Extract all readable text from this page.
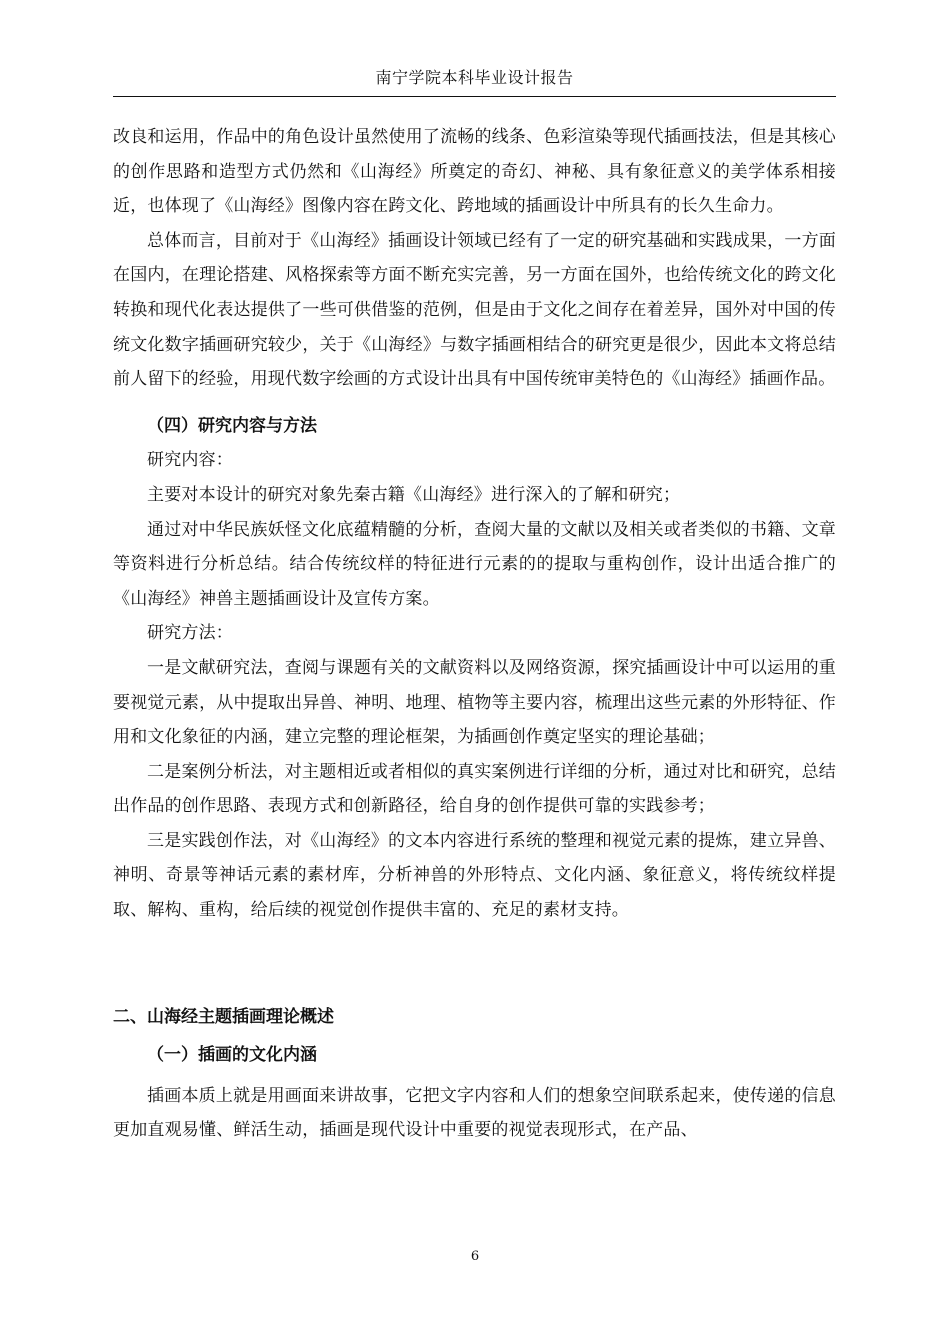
南宁学院本科毕业设计报告

改良和运用，作品中的角色设计虽然使用了流畅的线条、色彩渲染等现代插画技法，但是其核心的创作思路和造型方式仍然和《山海经》所奠定的奇幻、神秘、具有象征意义的美学体系相接近，也体现了《山海经》图像内容在跨文化、跨地域的插画设计中所具有的长久生命力。

总体而言，目前对于《山海经》插画设计领域已经有了一定的研究基础和实践成果，一方面在国内，在理论搭建、风格探索等方面不断充实完善，另一方面在国外，也给传统文化的跨文化转换和现代化表达提供了一些可供借鉴的范例，但是由于文化之间存在着差异，国外对中国的传统文化数字插画研究较少，关于《山海经》与数字插画相结合的研究更是很少，因此本文将总结前人留下的经验，用现代数字绘画的方式设计出具有中国传统审美特色的《山海经》插画作品。

（四）研究内容与方法

研究内容：

主要对本设计的研究对象先秦古籍《山海经》进行深入的了解和研究；

通过对中华民族妖怪文化底蕴精髓的分析，查阅大量的文献以及相关或者类似的书籍、文章等资料进行分析总结。结合传统纹样的特征进行元素的的提取与重构创作，设计出适合推广的《山海经》神兽主题插画设计及宣传方案。

研究方法：

一是文献研究法，查阅与课题有关的文献资料以及网络资源，探究插画设计中可以运用的重要视觉元素，从中提取出异兽、神明、地理、植物等主要内容，梳理出这些元素的外形特征、作用和文化象征的内涵，建立完整的理论框架，为插画创作奠定坚实的理论基础；

二是案例分析法，对主题相近或者相似的真实案例进行详细的分析，通过对比和研究，总结出作品的创作思路、表现方式和创新路径，给自身的创作提供可靠的实践参考；

三是实践创作法，对《山海经》的文本内容进行系统的整理和视觉元素的提炼，建立异兽、神明、奇景等神话元素的素材库，分析神兽的外形特点、文化内涵、象征意义，将传统纹样提取、解构、重构，给后续的视觉创作提供丰富的、充足的素材支持。

二、山海经主题插画理论概述
（一）插画的文化内涵

插画本质上就是用画面来讲故事，它把文字内容和人们的想象空间联系起来，使传递的信息更加直观易懂、鲜活生动，插画是现代设计中重要的视觉表现形式，在产品、

6
